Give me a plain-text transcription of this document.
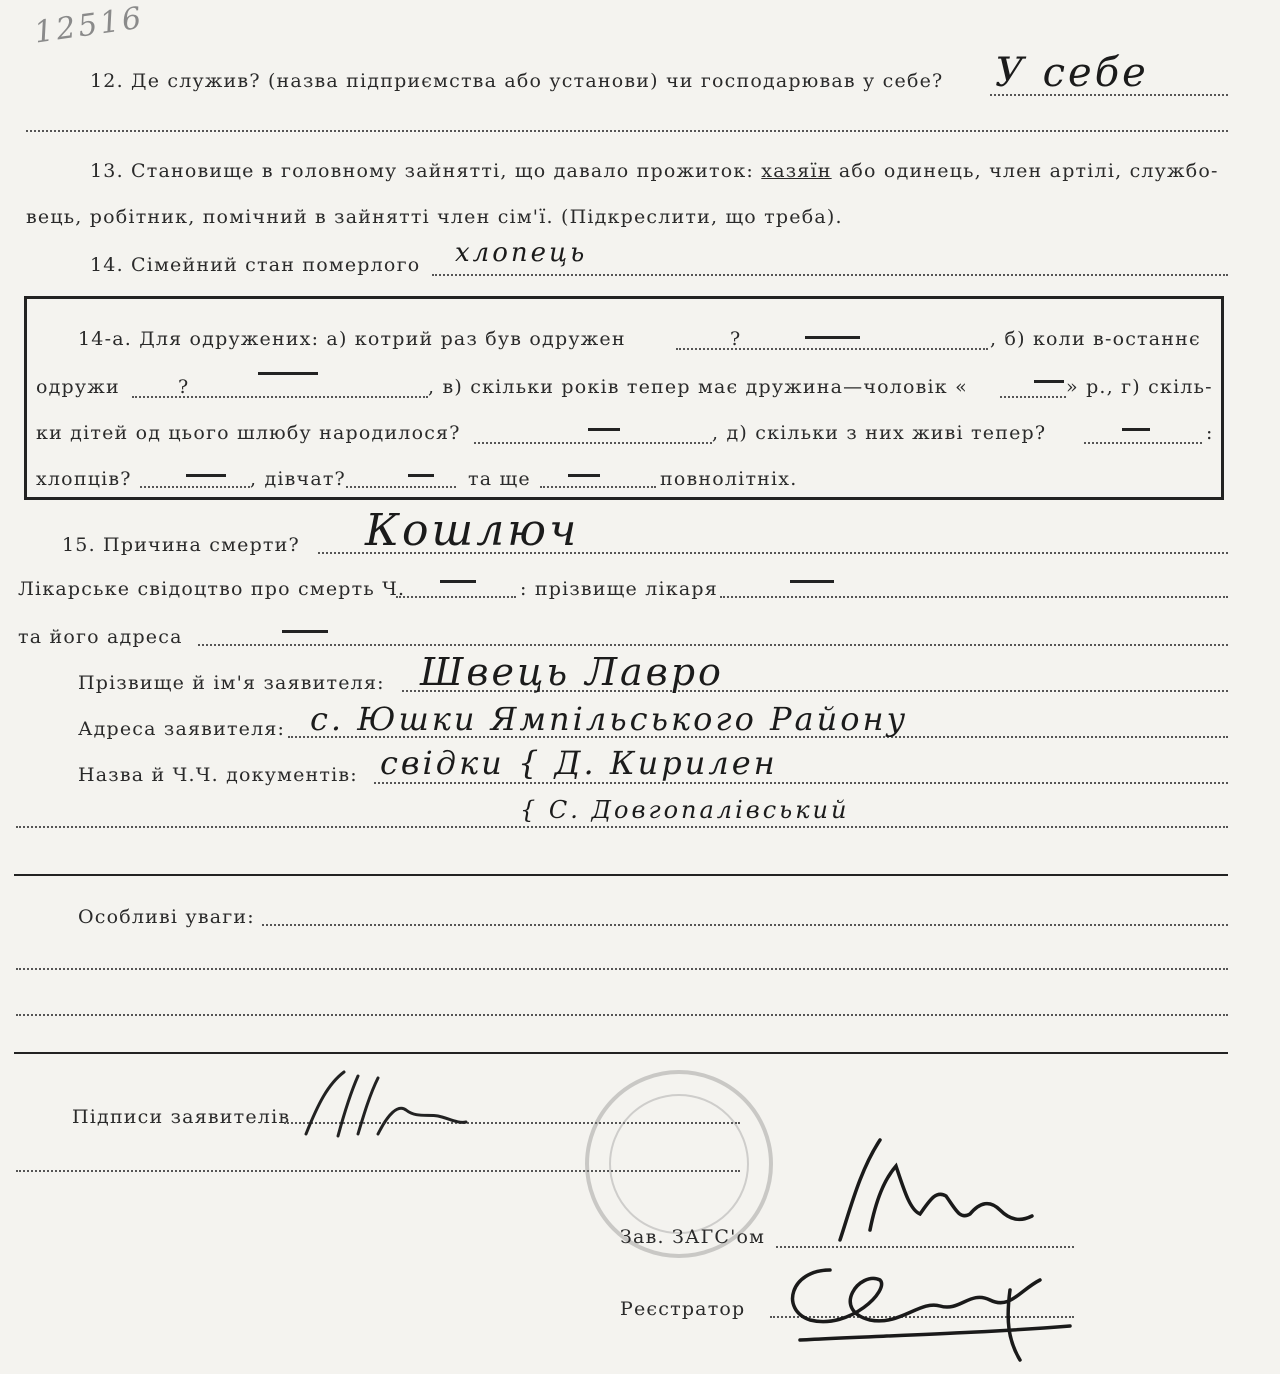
12516
12. Де служив? (назва підприємства або установи) чи господарював у себе? У себе
13. Становище в головному зайнятті, що давало прожиток: хазяїн або одинець, член артілі, службо-
вець, робітник, помічний в зайнятті член сім'ї. (Підкреслити, що треба).
14. Сімейний стан померлого хлопець
14-а. Для одружених: а) котрий раз був одружен	?	, б) коли в-останнє
одружи	?	, в) скільки років тепер має дружина—чоловік «	» р., г) скіль-
ки дітей од цього шлюбу народилося?	, д) скільки з них живі тепер?	:
хлопців?	, дівчат?	та ще	повнолітніх.
15. Причина смерти? Кошлюч
Лікарське свідоцтво про смерть Ч.	: прізвище лікаря
та його адреса
Прізвище й ім'я заявителя: Швець Лавро
Адреса заявителя: с. Юшки Ямпільського Району
Назва й Ч.Ч. документів: свідки { Д. Кирилен
{ С. Довгопалівський
Особливі уваги:
Підписи заявителів
Зав. ЗАГС'ом
Реєстратор
